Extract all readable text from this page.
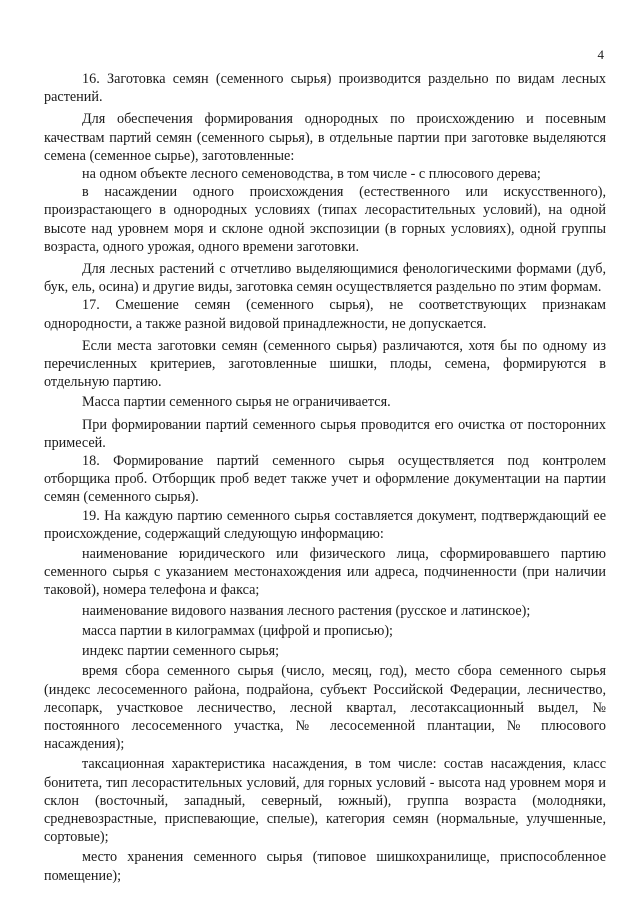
4

16. Заготовка семян (семенного сырья) производится раздельно по видам лесных растений.

Для обеспечения формирования однородных по происхождению и посевным качествам партий семян (семенного сырья), в отдельные партии при заготовке выделяются семена (семенное сырье), заготовленные:

на одном объекте лесного семеноводства, в том числе - с плюсового дерева;

в насаждении одного происхождения (естественного или искусственного), произрастающего в однородных условиях (типах лесорастительных условий), на одной высоте над уровнем моря и склоне одной экспозиции (в горных условиях), одной группы возраста, одного урожая, одного времени заготовки.

Для лесных растений с отчетливо выделяющимися фенологическими формами (дуб, бук, ель, осина) и другие виды, заготовка семян осуществляется раздельно по этим формам.

17. Смешение семян (семенного сырья), не соответствующих признакам однородности, а также разной видовой принадлежности, не допускается.

Если места заготовки семян (семенного сырья) различаются, хотя бы по одному из перечисленных критериев, заготовленные шишки, плоды, семена, формируются в отдельную партию.

Масса партии семенного сырья не ограничивается.

При формировании партий семенного сырья проводится его очистка от посторонних примесей.

18. Формирование партий семенного сырья осуществляется под контролем отборщика проб. Отборщик проб ведет также учет и оформление документации на партии семян (семенного сырья).

19. На каждую партию семенного сырья составляется документ, подтверждающий ее происхождение, содержащий следующую информацию:

наименование юридического или физического лица, сформировавшего партию семенного сырья с указанием местонахождения или адреса, подчиненности (при наличии таковой), номера телефона и факса;

наименование видового названия лесного растения (русское и латинское);

масса партии в килограммах (цифрой и прописью);

индекс партии семенного сырья;

время сбора семенного сырья (число, месяц, год), место сбора семенного сырья (индекс лесосеменного района, подрайона, субъект Российской Федерации, лесничество, лесопарк, участковое лесничество, лесной квартал, лесотаксационный выдел, № постоянного лесосеменного участка, № лесосеменной плантации, № плюсового насаждения);

таксационная характеристика насаждения, в том числе: состав насаждения, класс бонитета, тип лесорастительных условий, для горных условий - высота над уровнем моря и склон (восточный, западный, северный, южный), группа возраста (молодняки, средневозрастные, приспевающие, спелые), категория семян (нормальные, улучшенные, сортовые);

место хранения семенного сырья (типовое шишкохранилище, приспособленное помещение);
